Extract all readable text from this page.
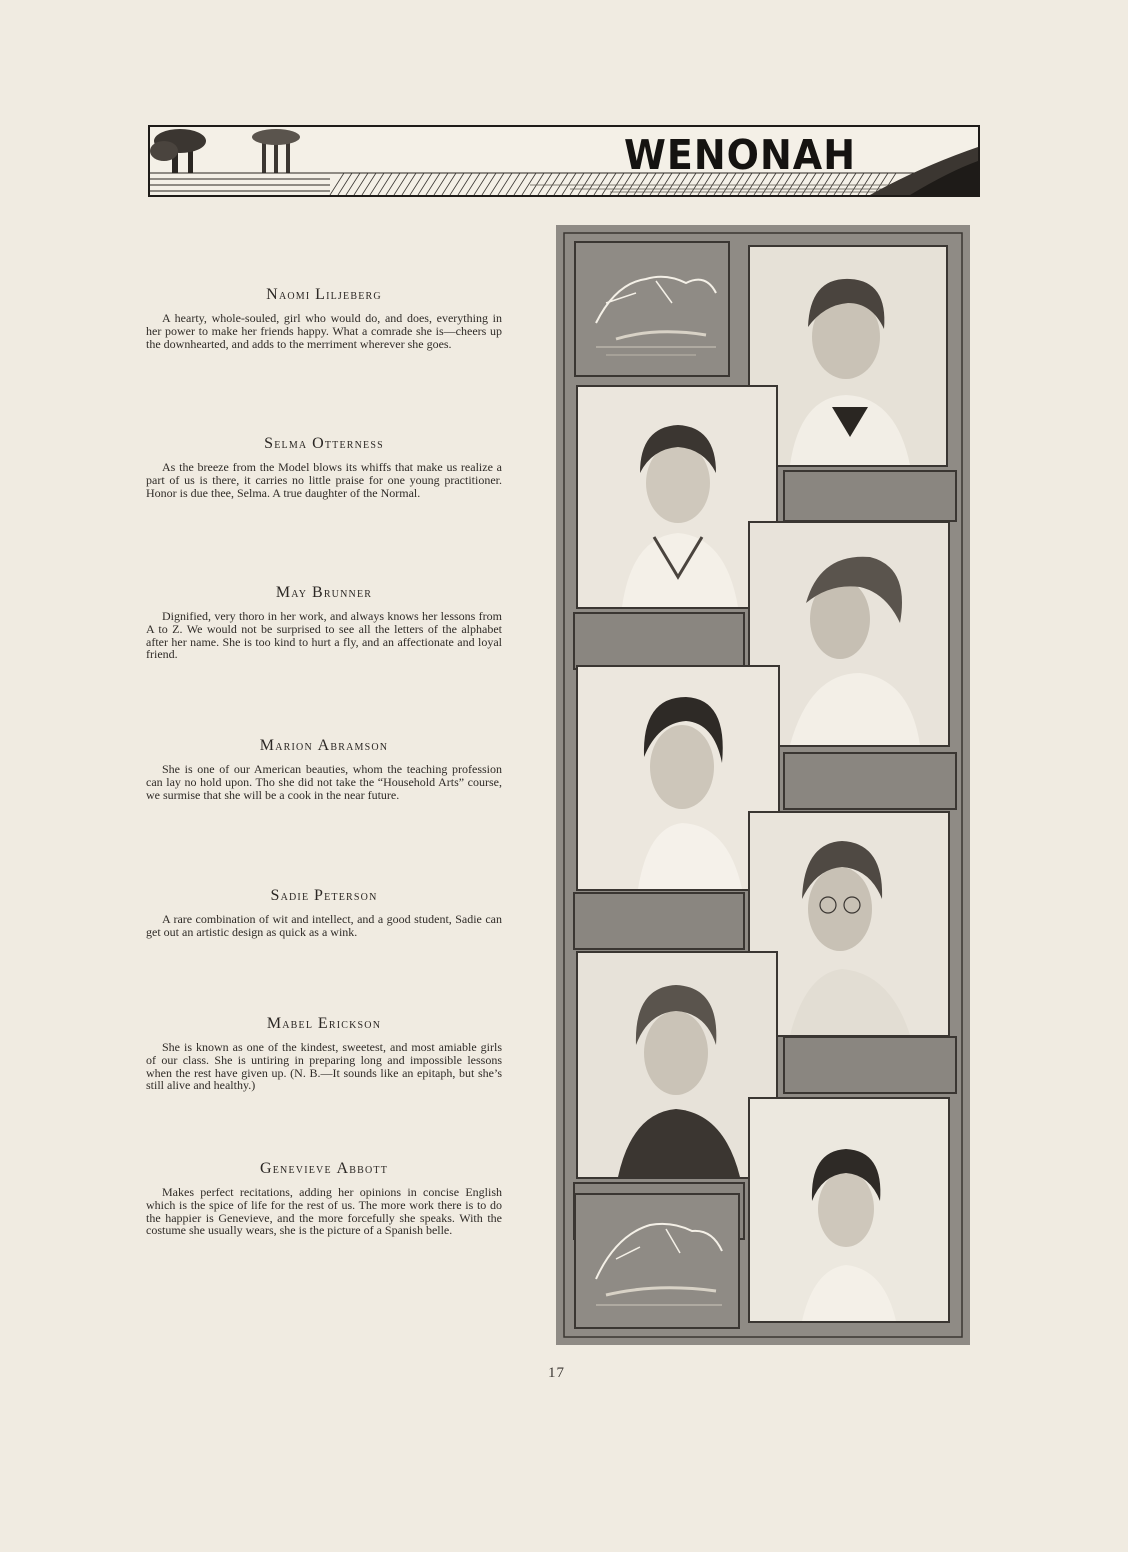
WENONAH
Naomi Liljeberg
A hearty, whole-souled, girl who would do, and does, everything in her power to make her friends happy. What a comrade she is—cheers up the downhearted, and adds to the merriment wherever she goes.
Selma Otterness
As the breeze from the Model blows its whiffs that make us realize a part of us is there, it carries no little praise for one young practitioner. Honor is due thee, Selma. A true daughter of the Normal.
May Brunner
Dignified, very thoro in her work, and always knows her lessons from A to Z. We would not be surprised to see all the letters of the alphabet after her name. She is too kind to hurt a fly, and an affectionate and loyal friend.
Marion Abramson
She is one of our American beauties, whom the teaching profession can lay no hold upon. Tho she did not take the “Household Arts” course, we surmise that she will be a cook in the near future.
Sadie Peterson
A rare combination of wit and intellect, and a good student, Sadie can get out an artistic design as quick as a wink.
Mabel Erickson
She is known as one of the kindest, sweetest, and most amiable girls of our class. She is untiring in preparing long and impossible lessons when the rest have given up. (N. B.—It sounds like an epitaph, but she’s still alive and healthy.)
Genevieve Abbott
Makes perfect recitations, adding her opinions in concise English which is the spice of life for the rest of us. The more work there is to do the happier is Genevieve, and the more forcefully she speaks. With the costume she usually wears, she is the picture of a Spanish belle.
17
